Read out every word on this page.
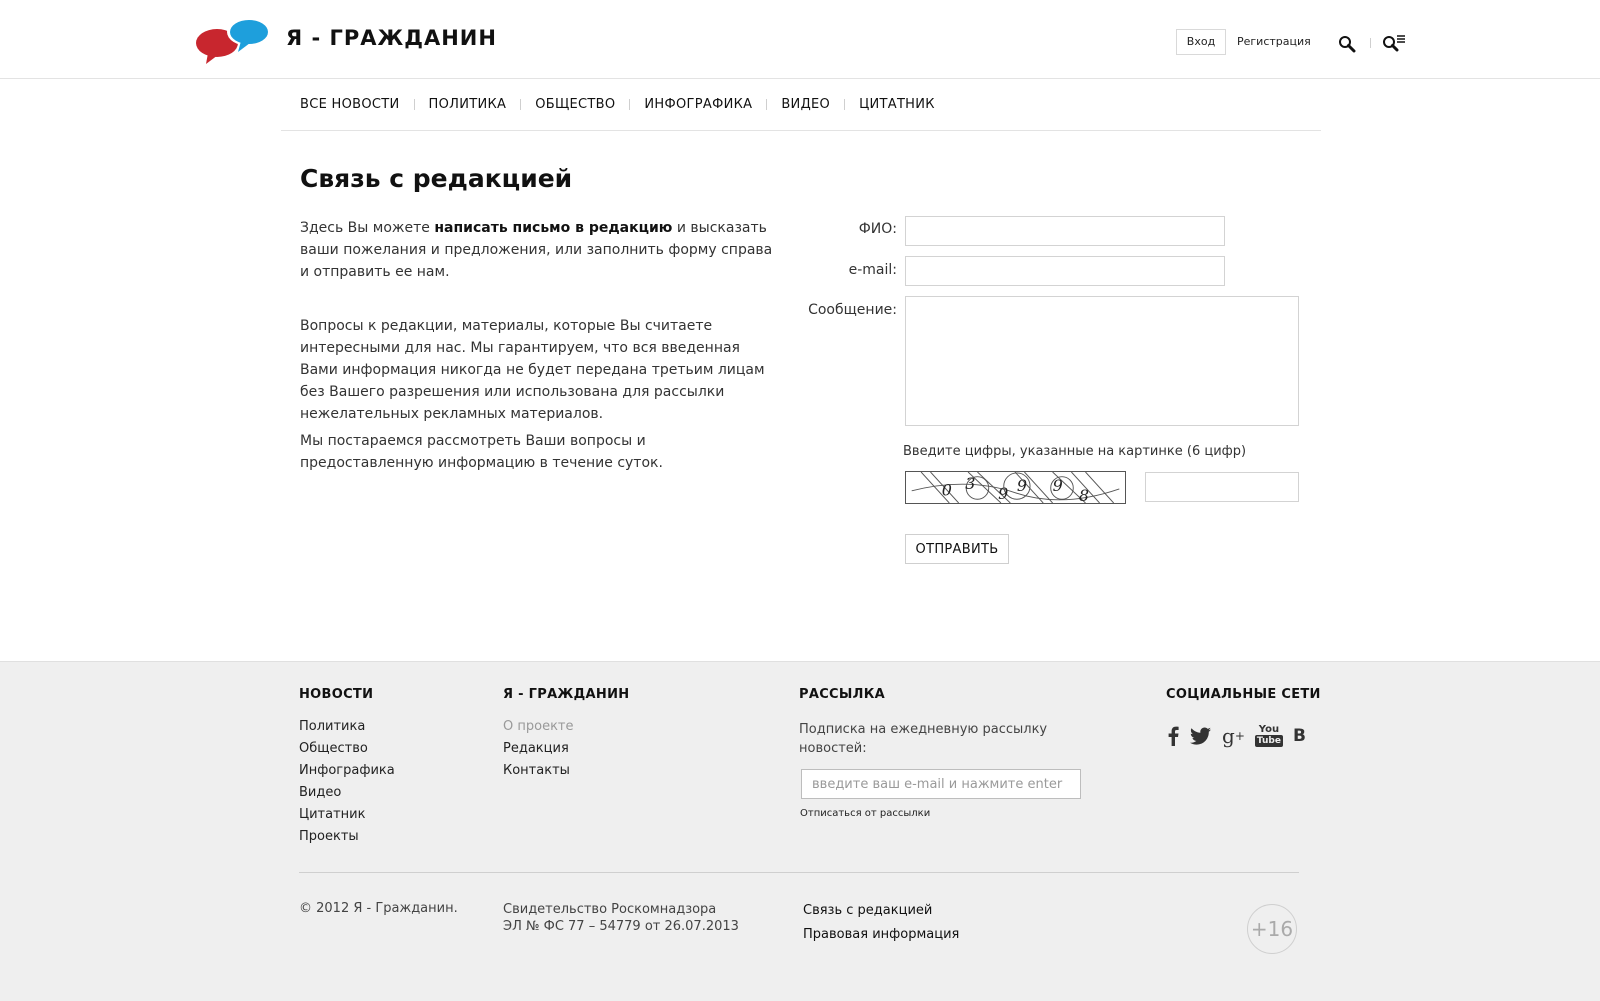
Я - ГРАЖДАНИН	Вход	Регистрация
ВСЕ НОВОСТИ ПОЛИТИКА ОБЩЕСТВО ИНФОГРАФИКА ВИДЕО ЦИТАТНИК
Связь с редакцией
Здесь Вы можете написать письмо в редакцию и высказать ваши пожелания и предложения, или заполнить форму справа и отправить ее нам.
Вопросы к редакции, материалы, которые Вы считаете интересными для нас. Мы гарантируем, что вся введенная Вами информация никогда не будет передана третьим лицам без Вашего разрешения или использована для рассылки нежелательных рекламных материалов.
Мы постараемся рассмотреть Ваши вопросы и предоставленную информацию в течение суток.
ФИО:
e-mail:
Сообщение:
Введите цифры, указанные на картинке (6 цифр)
0 3
9 9 9
8
ОТПРАВИТЬ
НОВОСТИ
Политика
Общество
Инфографика
Видео
Цитатник
Проекты
Я - ГРАЖДАНИН
О проекте
Редакция
Контакты
РАССЫЛКА
Подписка на ежедневную рассылку новостей:
введите ваш e-mail и нажмите enter
Отписаться от рассылки
СОЦИАЛЬНЫЕ СЕТИ
g + You
Tube B
© 2012 Я - Гражданин.	Свидетельство Роскомнадзора
ЭЛ № ФС 77 – 54779 от 26.07.2013
Связь с редакцией
Правовая информация	+16
